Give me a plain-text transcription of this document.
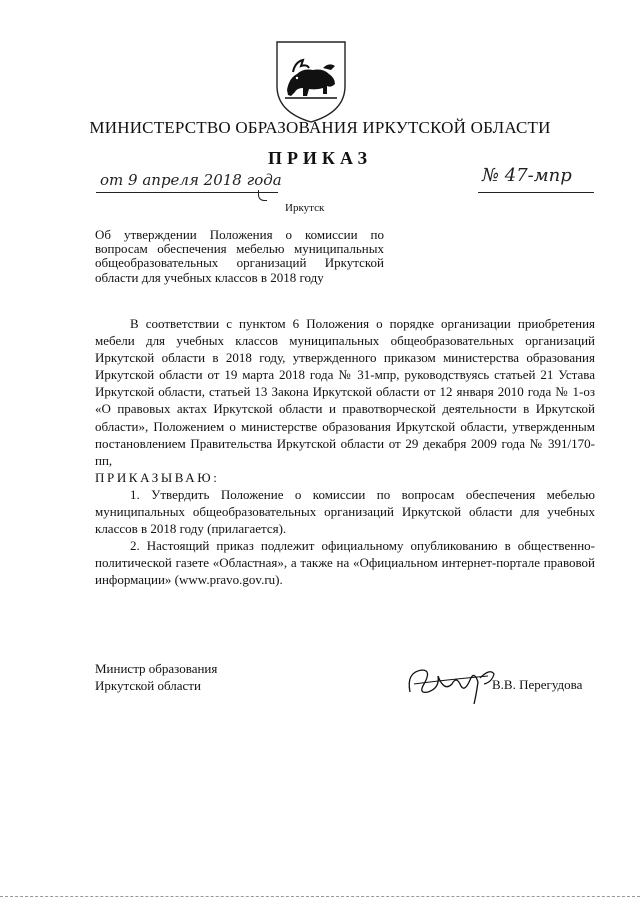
МИНИСТЕРСТВО ОБРАЗОВАНИЯ ИРКУТСКОЙ ОБЛАСТИ
ПРИКАЗ
от 9 апреля 2018 года	№ 47-мпр
Иркутск
Об утверждении Положения о комиссии по вопросам обеспечения мебелью муниципальных общеобразовательных организаций Иркутской области для учебных классов в 2018 году

В соответствии с пунктом 6 Положения о порядке организации приобретения мебели для учебных классов муниципальных общеобразовательных организаций Иркутской области в 2018 году, утвержденного приказом министерства образования Иркутской области от 19 марта 2018 года № 31-мпр, руководствуясь статьей 21 Устава Иркутской области, статьей 13 Закона Иркутской области от 12 января 2010 года № 1-оз «О правовых актах Иркутской области и правотворческой деятельности в Иркутской области», Положением о министерстве образования Иркутской области, утвержденным постановлением Правительства Иркутской области от 29 декабря 2009 года № 391/170-пп,

ПРИКАЗЫВАЮ:

1. Утвердить Положение о комиссии по вопросам обеспечения мебелью муниципальных общеобразовательных организаций Иркутской области для учебных классов в 2018 году (прилагается).

2. Настоящий приказ подлежит официальному опубликованию в общественно-политической газете «Областная», а также на «Официальном интернет-портале правовой информации» (www.pravo.gov.ru).

Министр образования
Иркутской области	В.В. Перегудова
